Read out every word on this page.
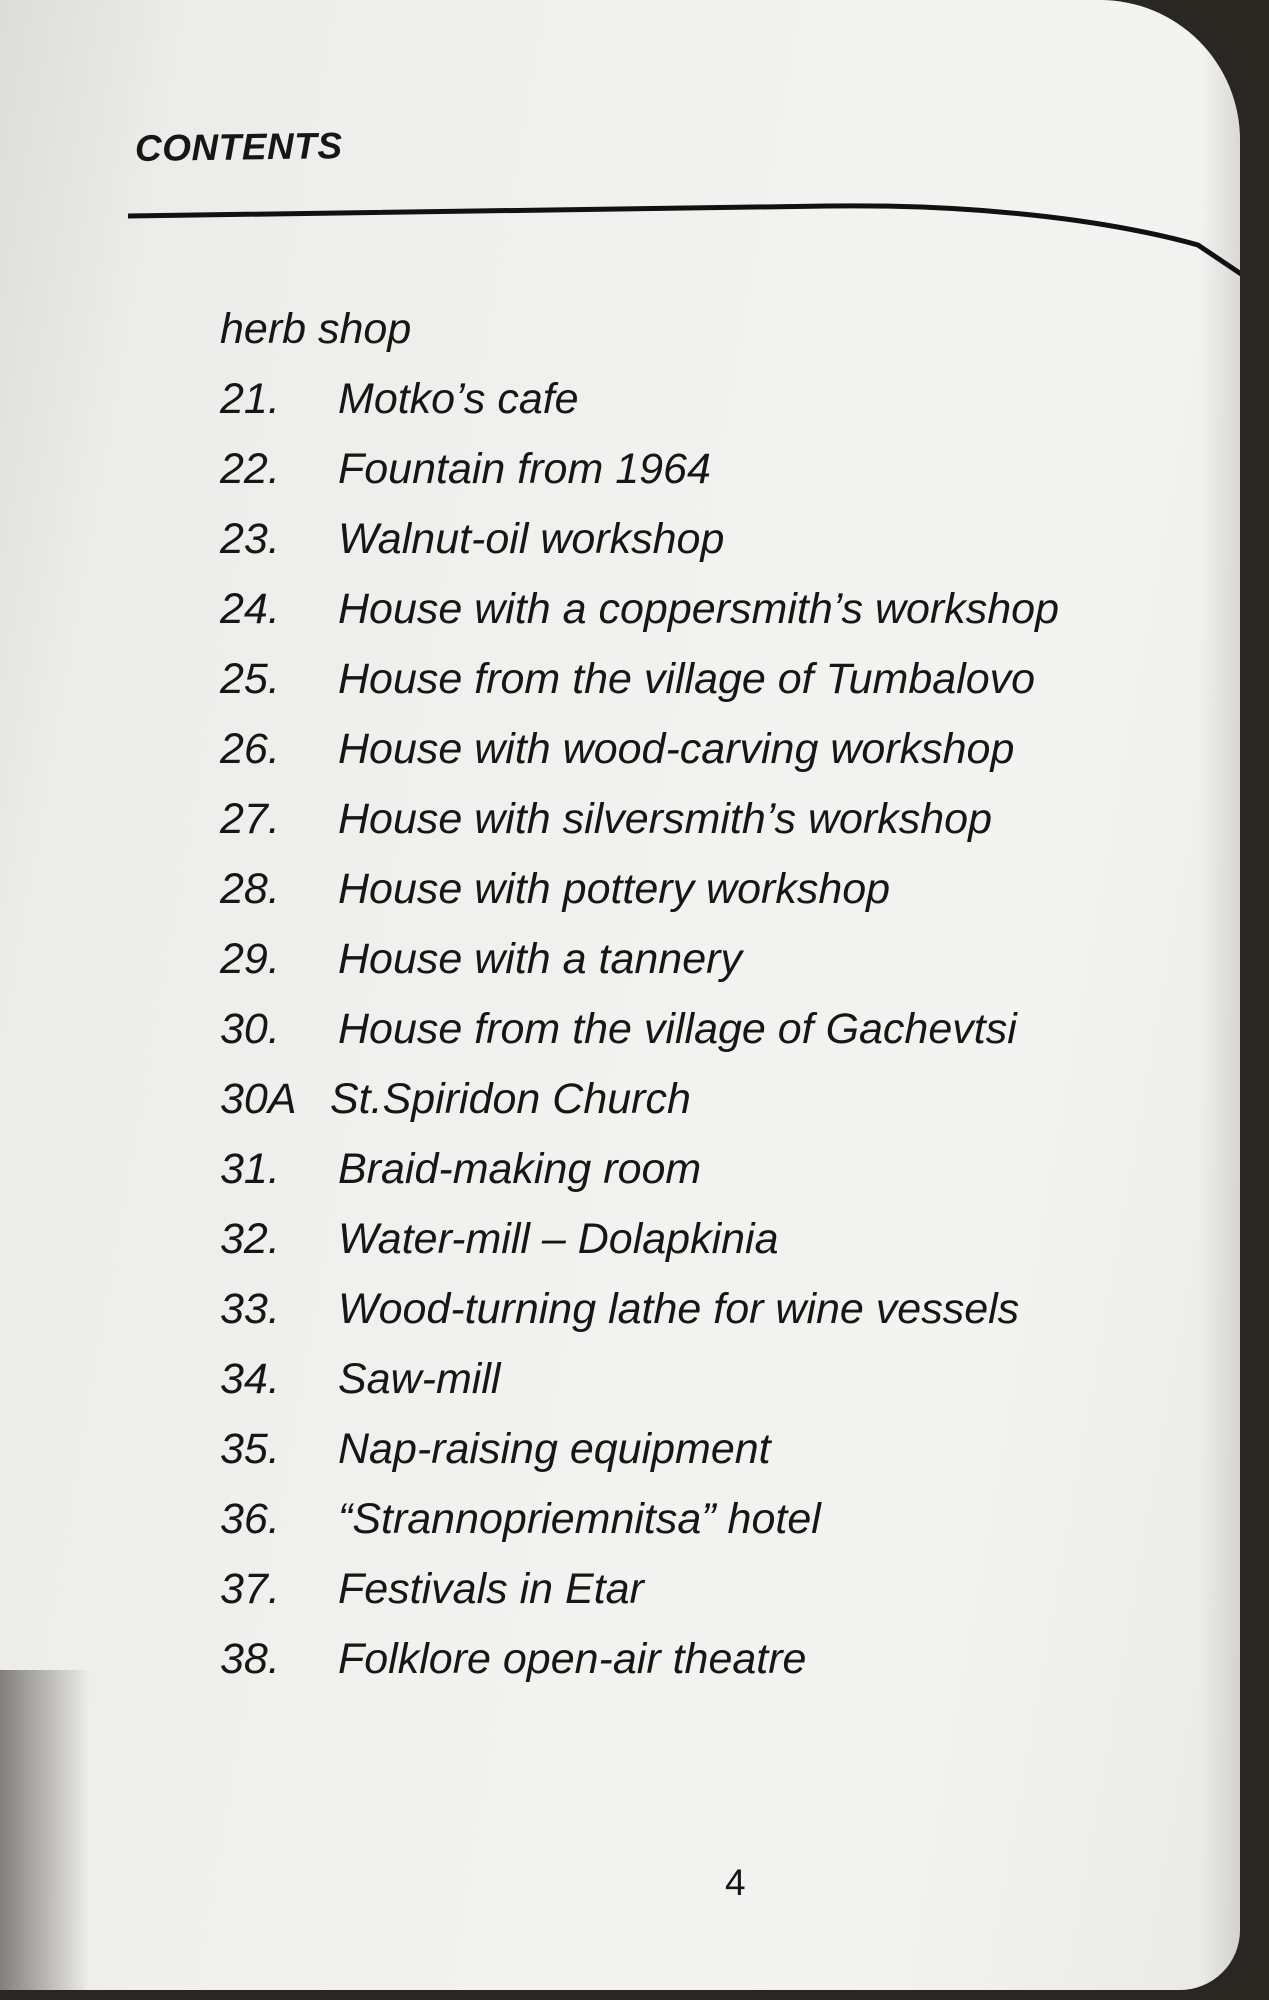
CONTENTS
herb shop
21.	Motko’s cafe
22.	Fountain from 1964
23.	Walnut-oil workshop
24.	House with a coppersmith’s workshop
25.	House from the village of Tumbalovo
26.	House with wood-carving workshop
27.	House with silversmith’s workshop
28.	House with pottery workshop
29.	House with a tannery
30.	House from the village of Gachevtsi
30A St.Spiridon Church
31.	Braid-making room
32.	Water-mill – Dolapkinia
33.	Wood-turning lathe for wine vessels
34.	Saw-mill
35.	Nap-raising equipment
36.	“Strannopriemnitsa” hotel
37.	Festivals in Etar
38.	Folklore open-air theatre

4
